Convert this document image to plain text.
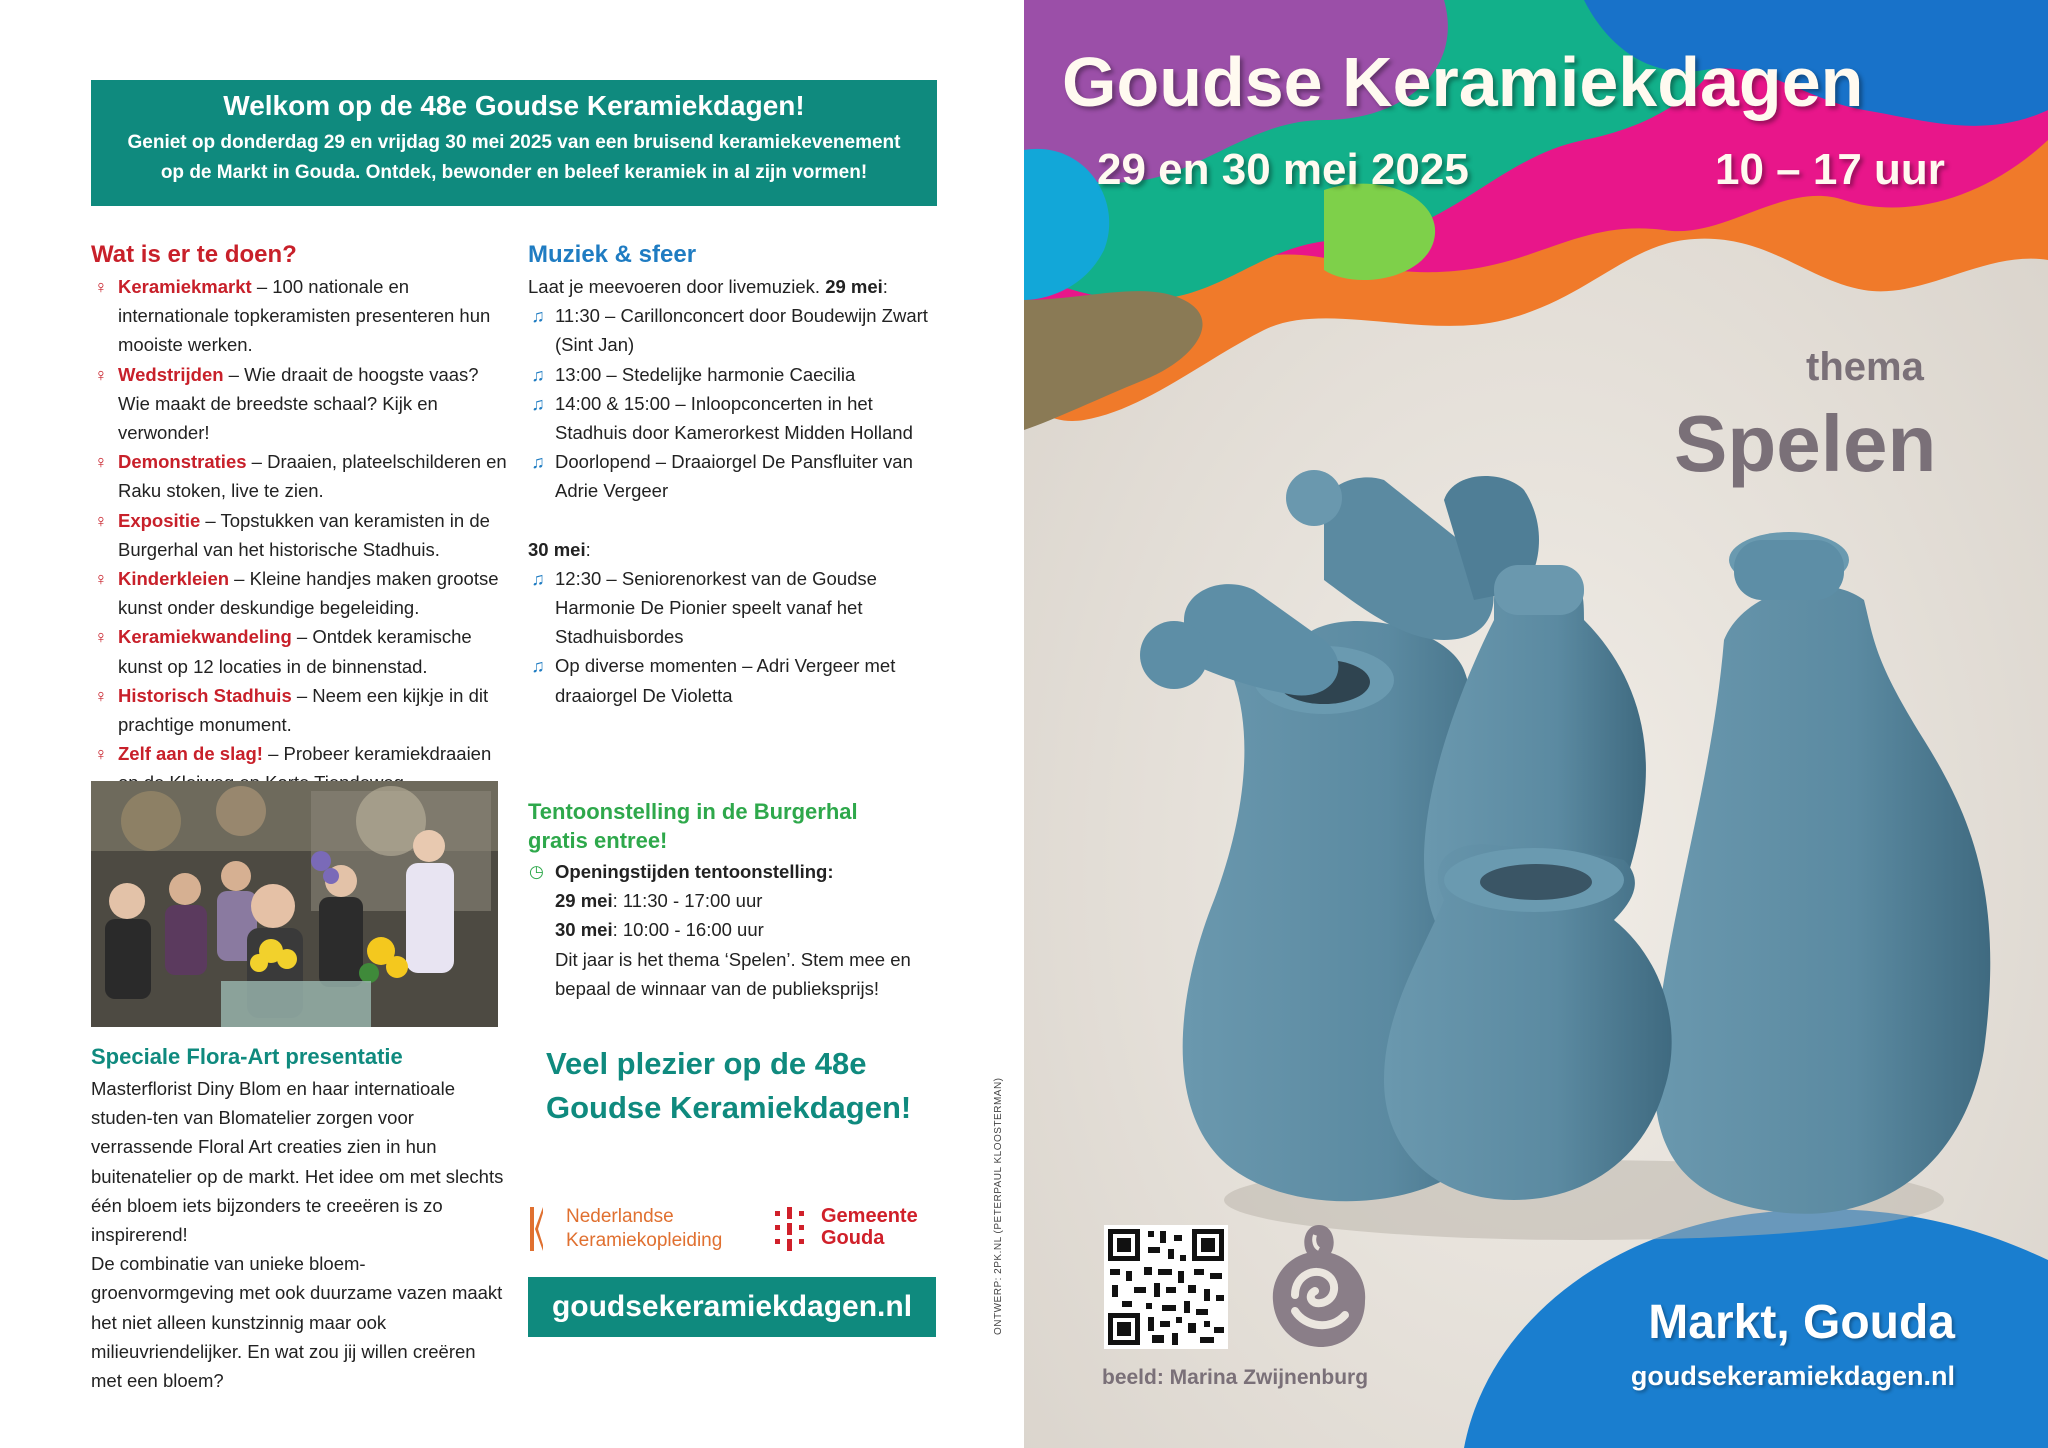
Welkom op de 48e Goudse Keramiekdagen!

Geniet op donderdag 29 en vrijdag 30 mei 2025 van een bruisend keramiekevenement op de Markt in Gouda. Ontdek, bewonder en beleef keramiek in al zijn vormen!

Wat is er te doen?
♀ Keramiekmarkt – 100 nationale en internationale topkeramisten presenteren hun mooiste werken.
♀ Wedstrijden – Wie draait de hoogste vaas? Wie maakt de breedste schaal? Kijk en verwonder!
♀ Demonstraties – Draaien, plateelschilderen en Raku stoken, live te zien.
♀ Expositie – Topstukken van keramisten in de Burgerhal van het historische Stadhuis.
♀ Kinderkleien – Kleine handjes maken grootse kunst onder deskundige begeleiding.
♀ Keramiekwandeling – Ontdek keramische kunst op 12 locaties in de binnenstad.
♀ Historisch Stadhuis – Neem een kijkje in dit prachtige monument.
♀ Zelf aan de slag! – Probeer keramiekdraaien
Muziek & sfeer
Laat je meevoeren door livemuziek. 29 mei:
♫ 11:30 – Carillonconcert door Boudewijn Zwart (Sint Jan)
♫ 13:00 – Stedelijke harmonie Caecilia
♫ 14:00 & 15:00 – Inloopconcerten in het Stadhuis door Kamerorkest Midden Holland
♫ Doorlopend – Draaiorgel De Pansfluiter van Adrie Vergeer
30 mei:
♫ 12:30 – Seniorenorkest van de Goudse Harmonie De Pionier speelt vanaf het Stadhuisbordes
♫ Op diverse momenten – Adri Vergeer met draaiorgel De Violetta
Tentoonstelling in de Burgerhal
gratis entree!
◷ Openingstijden tentoonstelling:
29 mei: 11:30 - 17:00 uur
30 mei: 10:00 - 16:00 uur
Dit jaar is het thema ‘Spelen’. Stem mee en bepaal de winnaar van de publieksprijs!
Speciale Flora-Art presentatie
Masterflorist Diny Blom en haar internatioale studen-ten van Blomatelier zorgen voor verrassende Floral Art creaties zien in hun buitenatelier op de markt. Het idee om met slechts één bloem iets bijzonders te creeëren is zo inspirerend!
De combinatie van unieke bloem- groenvormgeving met ook duurzame vazen maakt het niet alleen kunstzinnig maar ook milieuvriendelijker. En wat zou jij willen creëren met een bloem?
Veel plezier op de 48e Goudse Keramiekdagen!
Nederlandse
Keramiekopleiding
Gemeente
Gouda
goudsekeramiekdagen.nl	ONTWERP: 2PK.NL (PETERPAUL KLOOSTERMAN)
Goudse Keramiekdagen
29 en 30 mei 2025	10 – 17 uur
thema
Spelen
beeld: Marina Zwijnenburg
Markt, Gouda
goudsekeramiekdagen.nl
